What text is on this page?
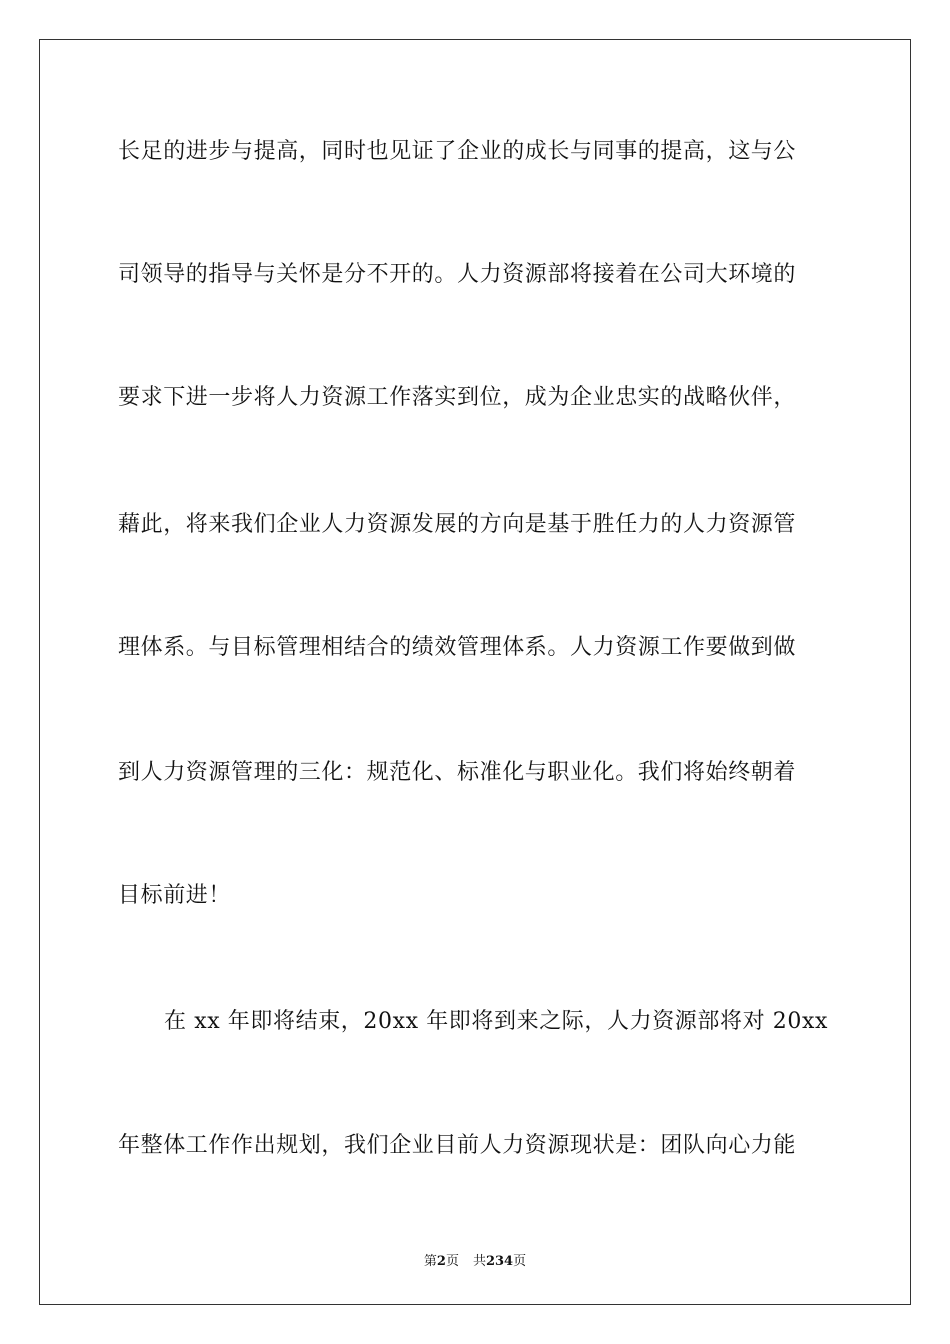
长足的进步与提高，同时也见证了企业的成长与同事的提高，这与公
司领导的指导与关怀是分不开的。人力资源部将接着在公司大环境的
要求下进一步将人力资源工作落实到位，成为企业忠实的战略伙伴，
藉此，将来我们企业人力资源发展的方向是基于胜任力的人力资源管
理体系。与目标管理相结合的绩效管理体系。人力资源工作要做到做
到人力资源管理的三化：规范化、标准化与职业化。我们将始终朝着
目标前进！
在 xx 年即将结束，20xx 年即将到来之际，人力资源部将对 20xx
年整体工作作出规划，我们企业目前人力资源现状是：团队向心力能
第2页 共234页
